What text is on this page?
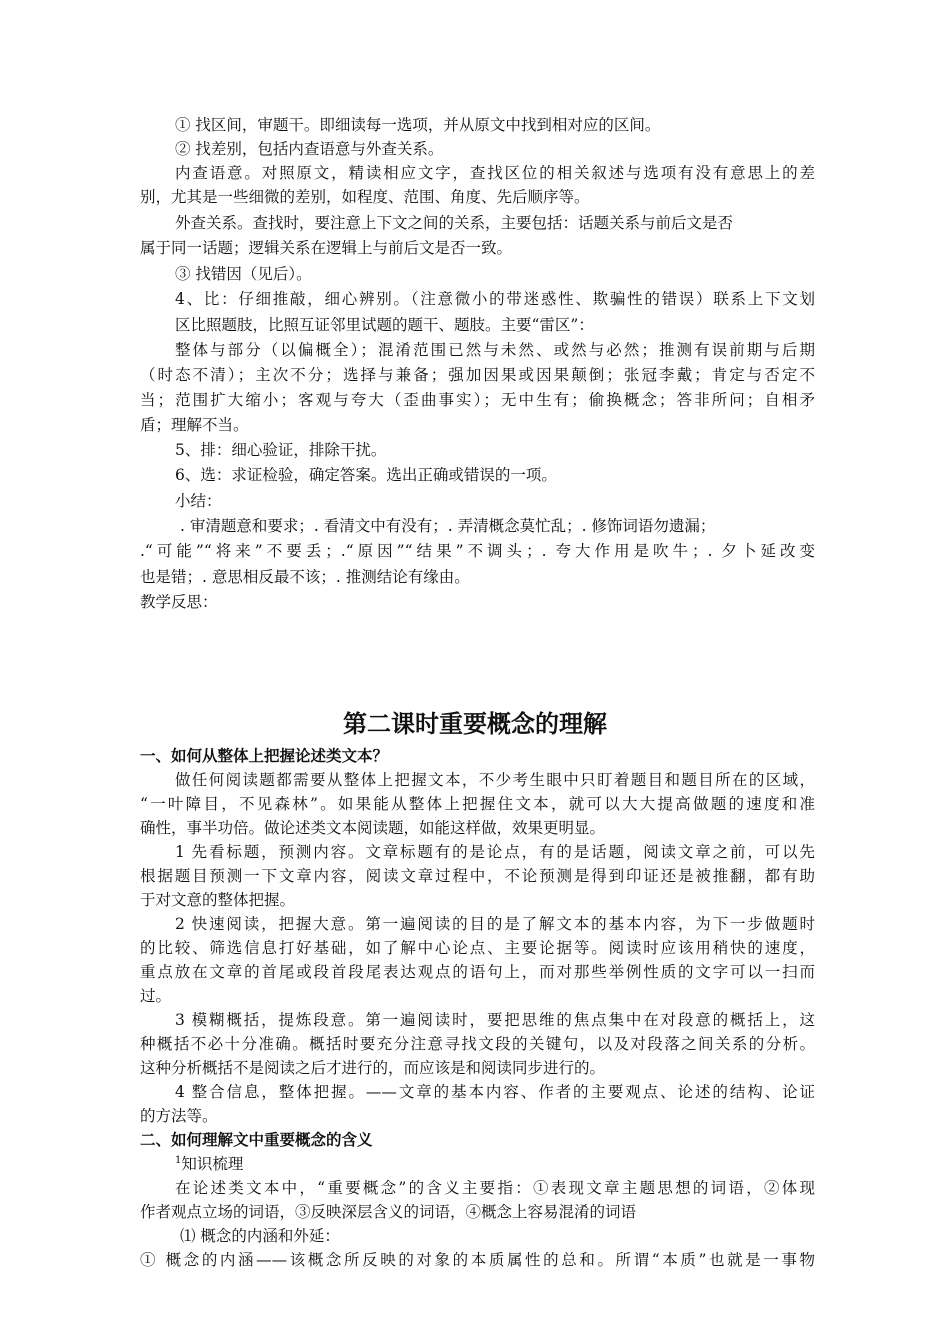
① 找区间，审题干。即细读每一选项，并从原文中找到相对应的区间。

② 找差别，包括内查语意与外查关系。

内查语意。对照原文，精读相应文字，查找区位的相关叙述与选项有没有意思上的差

别，尤其是一些细微的差别，如程度、范围、角度、先后顺序等。

外查关系。查找时，要注意上下文之间的关系，主要包括：话题关系与前后文是否

属于同一话题；逻辑关系在逻辑上与前后文是否一致。

③ 找错因（见后）。

4、比：仔细推敲，细心辨别。（注意微小的带迷惑性、欺骗性的错误）联系上下文划

区比照题肢，比照互证邻里试题的题干、题肢。主要“雷区”：

整体与部分（以偏概全）；混淆范围已然与未然、或然与必然；推测有误前期与后期

（时态不清）；主次不分；选择与兼备；强加因果或因果颠倒；张冠李戴；肯定与否定不

当；范围扩大缩小；客观与夸大（歪曲事实）；无中生有；偷换概念；答非所问；自相矛

盾；理解不当。

5、排：细心验证，排除干扰。

6、选：求证检验，确定答案。选出正确或错误的一项。

小结：

. 审清题意和要求；. 看清文中有没有；. 弄清概念莫忙乱；. 修饰词语勿遗漏；

.“可能”“将来”不要丢；.“原因”“结果”不调头；. 夸大作用是吹牛；. 夕卜延改变

也是错；. 意思相反最不该；. 推测结论有缘由。

教学反思：

第二课时重要概念的理解

一、如何从整体上把握论述类文本？

做任何阅读题都需要从整体上把握文本，不少考生眼中只盯着题目和题目所在的区域，

“一叶障目，不见森林”。如果能从整体上把握住文本，就可以大大提高做题的速度和准

确性，事半功倍。做论述类文本阅读题，如能这样做，效果更明显。

1 先看标题，预测内容。文章标题有的是论点，有的是话题，阅读文章之前，可以先

根据题目预测一下文章内容，阅读文章过程中，不论预测是得到印证还是被推翻，都有助

于对文意的整体把握。

2 快速阅读，把握大意。第一遍阅读的目的是了解文本的基本内容，为下一步做题时

的比较、筛选信息打好基础，如了解中心论点、主要论据等。阅读时应该用稍快的速度，

重点放在文章的首尾或段首段尾表达观点的语句上，而对那些举例性质的文字可以一扫而

过。

3 模糊概括，提炼段意。第一遍阅读时，要把思维的焦点集中在对段意的概括上，这

种概括不必十分准确。概括时要充分注意寻找文段的关键句，以及对段落之间关系的分析。

这种分析概括不是阅读之后才进行的，而应该是和阅读同步进行的。

4 整合信息，整体把握。——文章的基本内容、作者的主要观点、论述的结构、论证

的方法等。

二、如何理解文中重要概念的含义

$^1$知识梳理

在论述类文本中，“重要概念”的含义主要指：①表现文章主题思想的词语，②体现

作者观点立场的词语，③反映深层含义的词语，④概念上容易混淆的词语

⑴ 概念的内涵和外延：

① 概念的内涵——该概念所反映的对象的本质属性的总和。所谓“本质”也就是一事物
